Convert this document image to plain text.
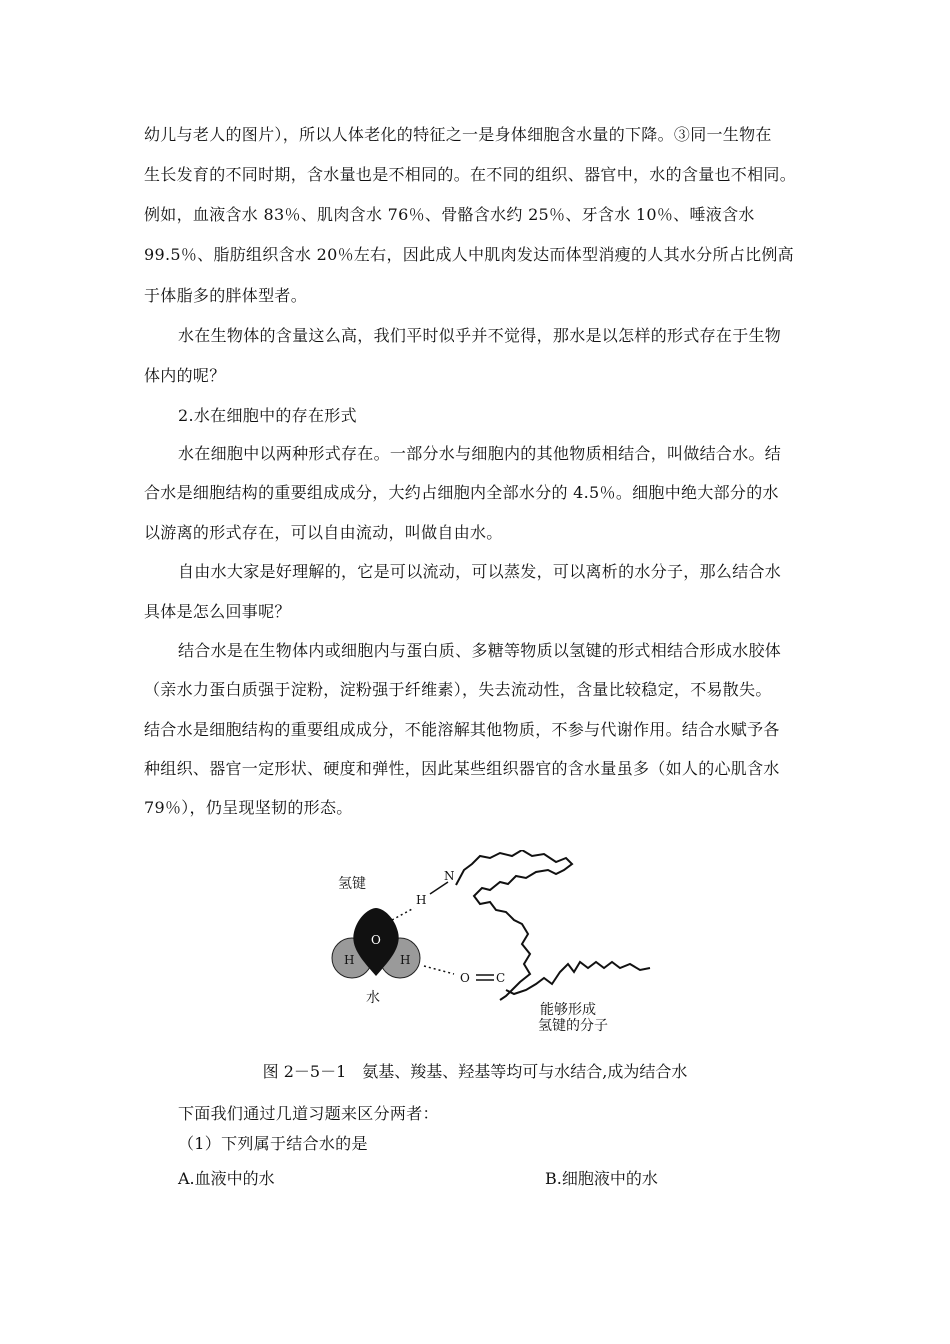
幼儿与老人的图片），所以人体老化的特征之一是身体细胞含水量的下降。③同一生物在
生长发育的不同时期，含水量也是不相同的。在不同的组织、器官中，水的含量也不相同。
例如，血液含水 83％、肌肉含水 76％、骨骼含水约 25％、牙含水 10％、唾液含水
99.5％、脂肪组织含水 20％左右，因此成人中肌肉发达而体型消瘦的人其水分所占比例高
于体脂多的胖体型者。
水在生物体的含量这么高，我们平时似乎并不觉得，那水是以怎样的形式存在于生物
体内的呢？
2.水在细胞中的存在形式
水在细胞中以两种形式存在。一部分水与细胞内的其他物质相结合，叫做结合水。结
合水是细胞结构的重要组成成分，大约占细胞内全部水分的 4.5％。细胞中绝大部分的水
以游离的形式存在，可以自由流动，叫做自由水。
自由水大家是好理解的，它是可以流动，可以蒸发，可以离析的水分子，那么结合水
具体是怎么回事呢？
结合水是在生物体内或细胞内与蛋白质、多糖等物质以氢键的形式相结合形成水胶体
（亲水力蛋白质强于淀粉，淀粉强于纤维素），失去流动性，含量比较稳定，不易散失。
结合水是细胞结构的重要组成成分，不能溶解其他物质，不参与代谢作用。结合水赋予各
种组织、器官一定形状、硬度和弹性，因此某些组织器官的含水量虽多（如人的心肌含水
79％），仍呈现坚韧的形态。
氢键
H
N
O
H	H
水
O C
能够形成
氢键的分子
图 2－5－1　氨基、羧基、羟基等均可与水结合,成为结合水
下面我们通过几道习题来区分两者：
（1）下列属于结合水的是
A.血液中的水	B.细胞液中的水
